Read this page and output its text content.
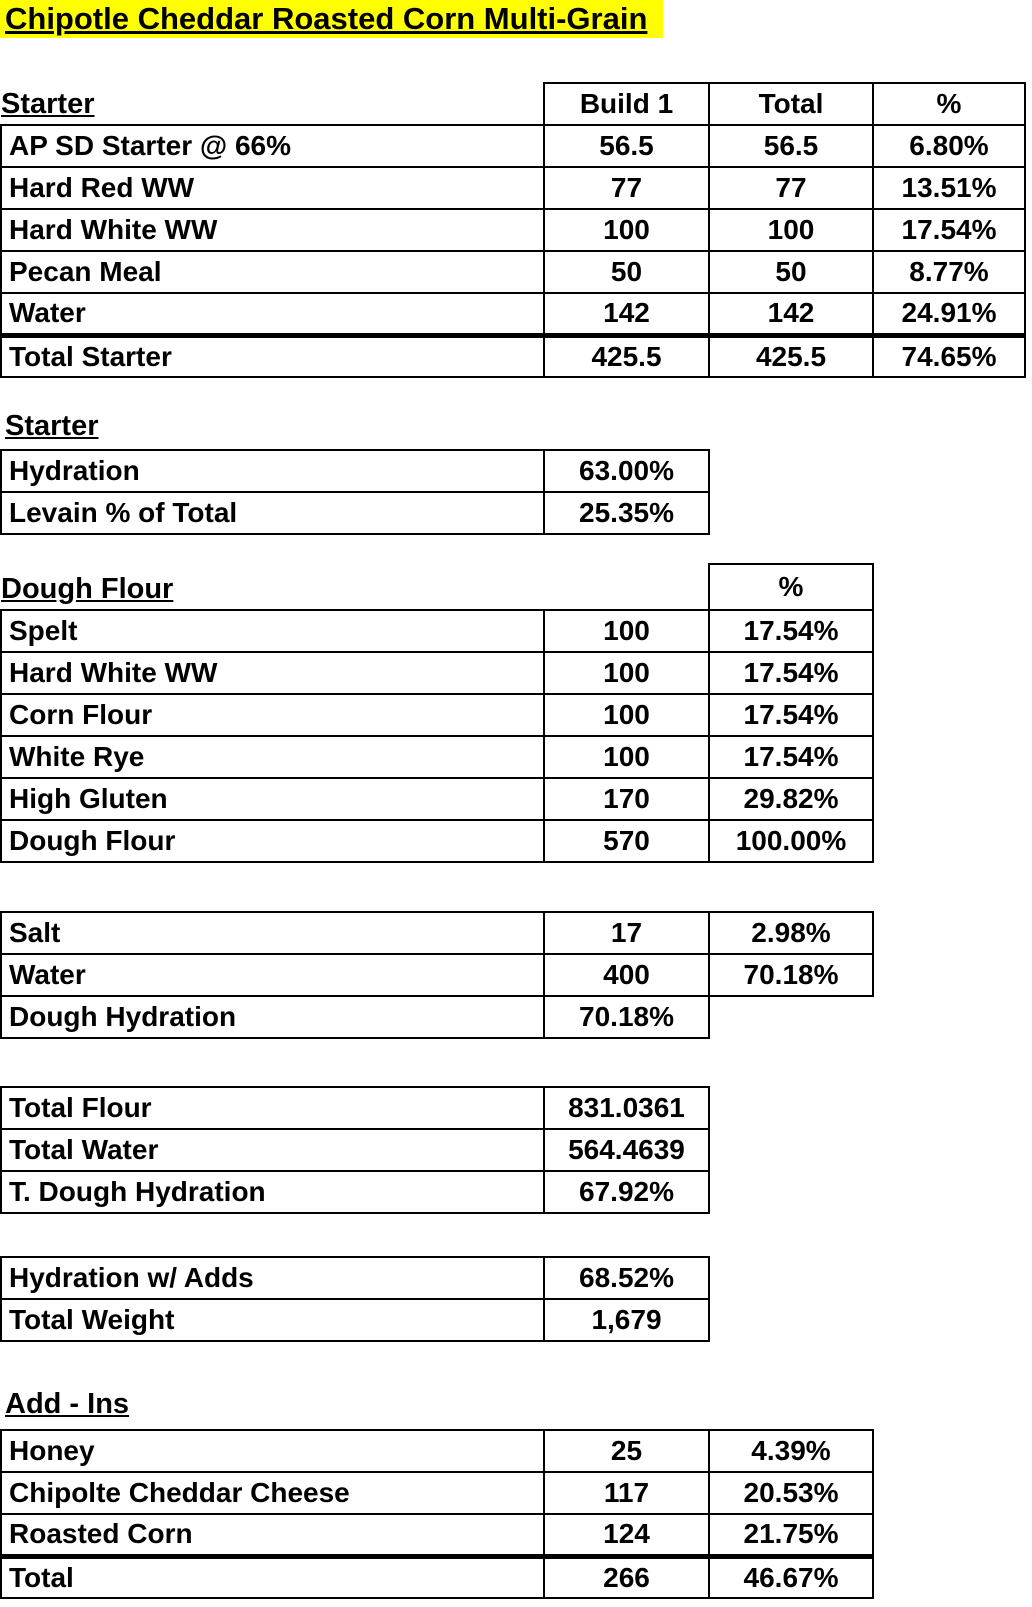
Chipotle Cheddar Roasted Corn Multi-Grain
Starter	Build 1	Total	%
AP SD Starter @ 66%	56.5	56.5	6.80%
Hard Red WW	77	77	13.51%
Hard White WW	100	100	17.54%
Pecan Meal	50	50	8.77%
Water	142	142	24.91%
Total Starter	425.5	425.5	74.65%
Starter
Hydration	63.00%
Levain % of Total	25.35%
Dough Flour		%
Spelt	100	17.54%
Hard White WW	100	17.54%
Corn Flour	100	17.54%
White Rye	100	17.54%
High Gluten	170	29.82%
Dough Flour	570	100.00%
Salt	17	2.98%
Water	400	70.18%
Dough Hydration	70.18%	
Total Flour	831.0361
Total Water	564.4639
T. Dough Hydration	67.92%
Hydration w/ Adds	68.52%
Total Weight	1,679
Add - Ins
Honey	25	4.39%
Chipolte Cheddar Cheese	117	20.53%
Roasted Corn	124	21.75%
Total	266	46.67%
